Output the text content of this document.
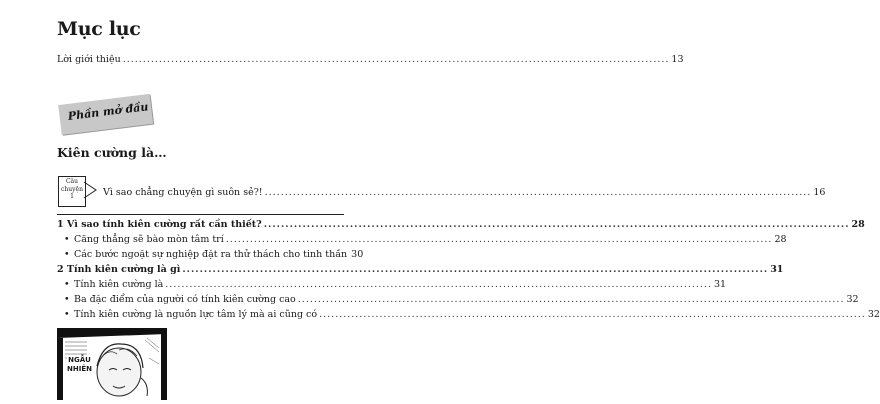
Mục lục
Lời giới thiệu .....	13
Phần mở đầu
Kiên cường là…
Câu
chuyện
1	Vì sao chẳng chuyện gì suôn sẻ?! .....	16
1 Vì sao tính kiên cường rất cần thiết? .....	28
• Căng thẳng sẽ bào mòn tâm trí .....	28
• Các bước ngoặt sự nghiệp đặt ra thử thách cho tinh thần 30
2 Tính kiên cường là gì .....	31
• Tính kiên cường là .....	31
• Ba đặc điểm của người có tính kiên cường cao .....	32
• Tính kiên cường là nguồn lực tâm lý mà ai cũng có .....	32
NGẪU
NHIÊN
